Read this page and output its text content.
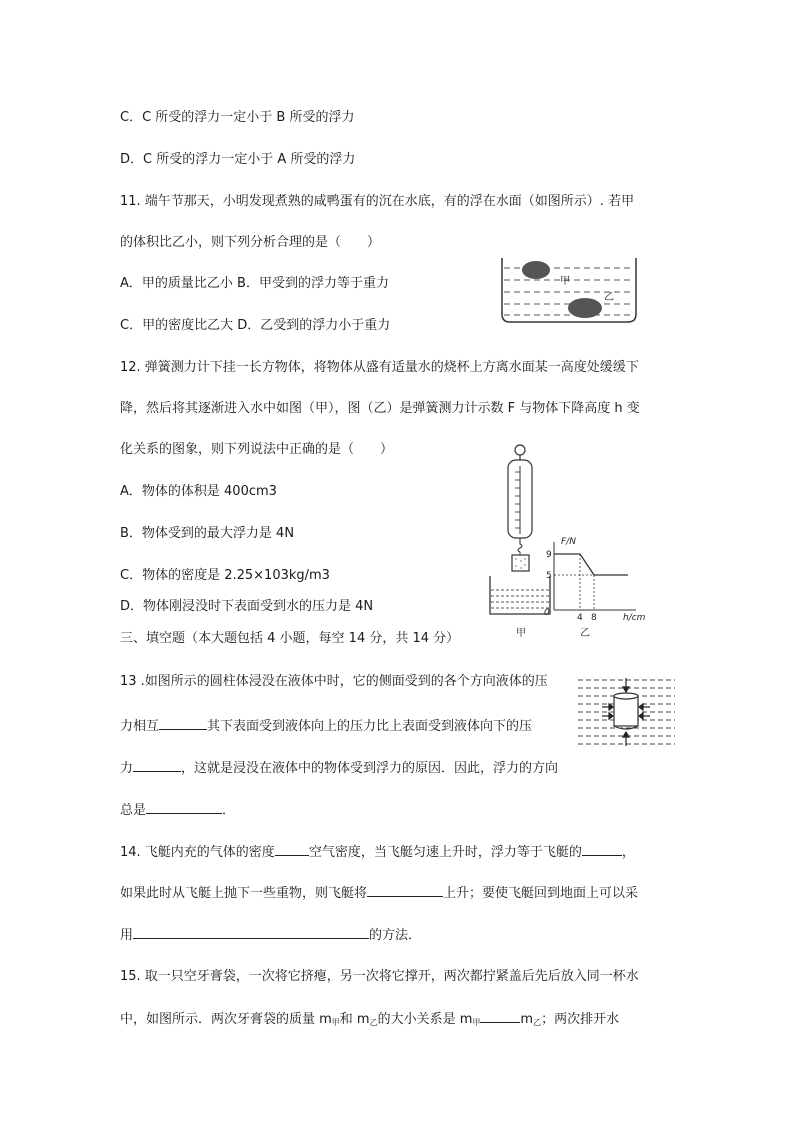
C．C 所受的浮力一定小于 B 所受的浮力
D．C 所受的浮力一定小于 A 所受的浮力
11. 端午节那天，小明发现煮熟的咸鸭蛋有的沉在水底，有的浮在水面（如图所示）. 若甲
的体积比乙小，则下列分析合理的是（　　）
A．甲的质量比乙小 B．甲受到的浮力等于重力
C．甲的密度比乙大 D．乙受到的浮力小于重力
甲
乙
12. 弹簧测力计下挂一长方物体，将物体从盛有适量水的烧杯上方离水面某一高度处缓缓下
降，然后将其逐渐进入水中如图（甲），图（乙）是弹簧测力计示数 F 与物体下降高度 h 变
化关系的图象，则下列说法中正确的是（　　）
A．物体的体积是 400cm3
B．物体受到的最大浮力是 4N
C．物体的密度是 2.25×103kg/m3
D．物体刚浸没时下表面受到水的压力是 4N
甲
F/N
h/cm
0
9
5
4 8
乙
三、填空题（本大题包括 4 小题，每空 14 分，共 14 分）
13 .如图所示的圆柱体浸没在液体中时，它的侧面受到的各个方向液体的压
力相互	其下表面受到液体向上的压力比上表面受到液体向下的压
力	，这就是浸没在液体中的物体受到浮力的原因．因此，浮力的方向
总是	．
14. 飞艇内充的气体的密度	空气密度，当飞艇匀速上升时，浮力等于飞艇的	，
如果此时从飞艇上抛下一些重物，则飞艇将	上升；要使飞艇回到地面上可以采
用	的方法．
15. 取一只空牙膏袋，一次将它挤瘪，另一次将它撑开，两次都拧紧盖后先后放入同一杯水
中，如图所示．两次牙膏袋的质量 $m_甲$和 $m_乙$的大小关系是 $m_甲$	$m_乙$；两次排开水
